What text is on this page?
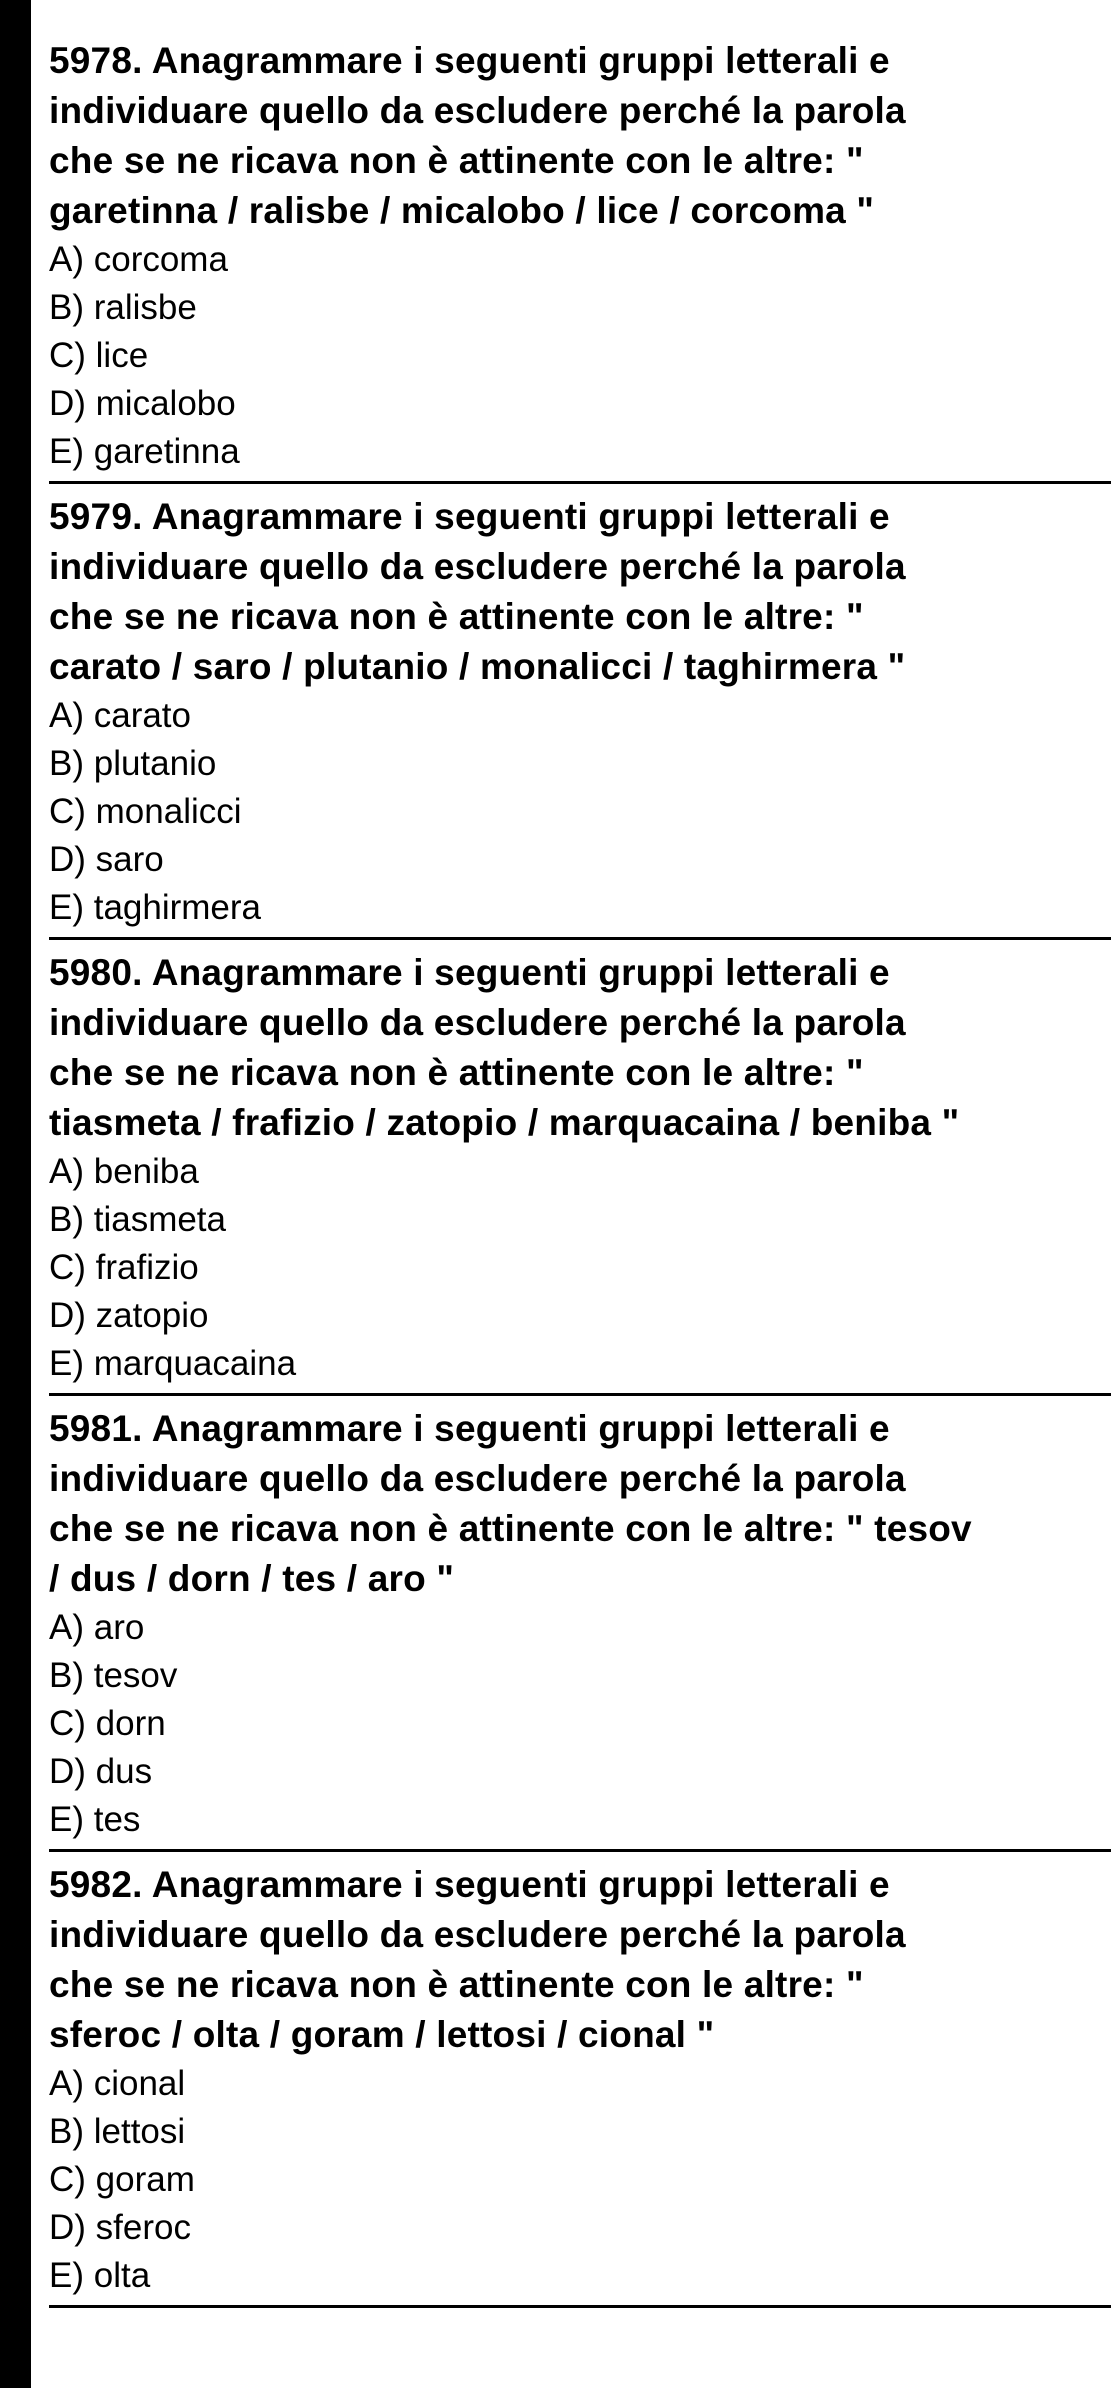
5978. Anagrammare i seguenti gruppi letterali e
individuare quello da escludere perché la parola
che se ne ricava non è attinente con le altre: "
garetinna / ralisbe / micalobo / lice / corcoma "

A) corcoma
B) ralisbe
C) lice
D) micalobo
E) garetinna

5979. Anagrammare i seguenti gruppi letterali e
individuare quello da escludere perché la parola
che se ne ricava non è attinente con le altre: "
carato / saro / plutanio / monalicci / taghirmera "

A) carato
B) plutanio
C) monalicci
D) saro
E) taghirmera

5980. Anagrammare i seguenti gruppi letterali e
individuare quello da escludere perché la parola
che se ne ricava non è attinente con le altre: "
tiasmeta / frafizio / zatopio / marquacaina / beniba "

A) beniba
B) tiasmeta
C) frafizio
D) zatopio
E) marquacaina

5981. Anagrammare i seguenti gruppi letterali e
individuare quello da escludere perché la parola
che se ne ricava non è attinente con le altre: " tesov
/ dus / dorn / tes / aro "

A) aro
B) tesov
C) dorn
D) dus
E) tes

5982. Anagrammare i seguenti gruppi letterali e
individuare quello da escludere perché la parola
che se ne ricava non è attinente con le altre: "
sferoc / olta / goram / lettosi / cional "

A) cional
B) lettosi
C) goram
D) sferoc
E) olta
